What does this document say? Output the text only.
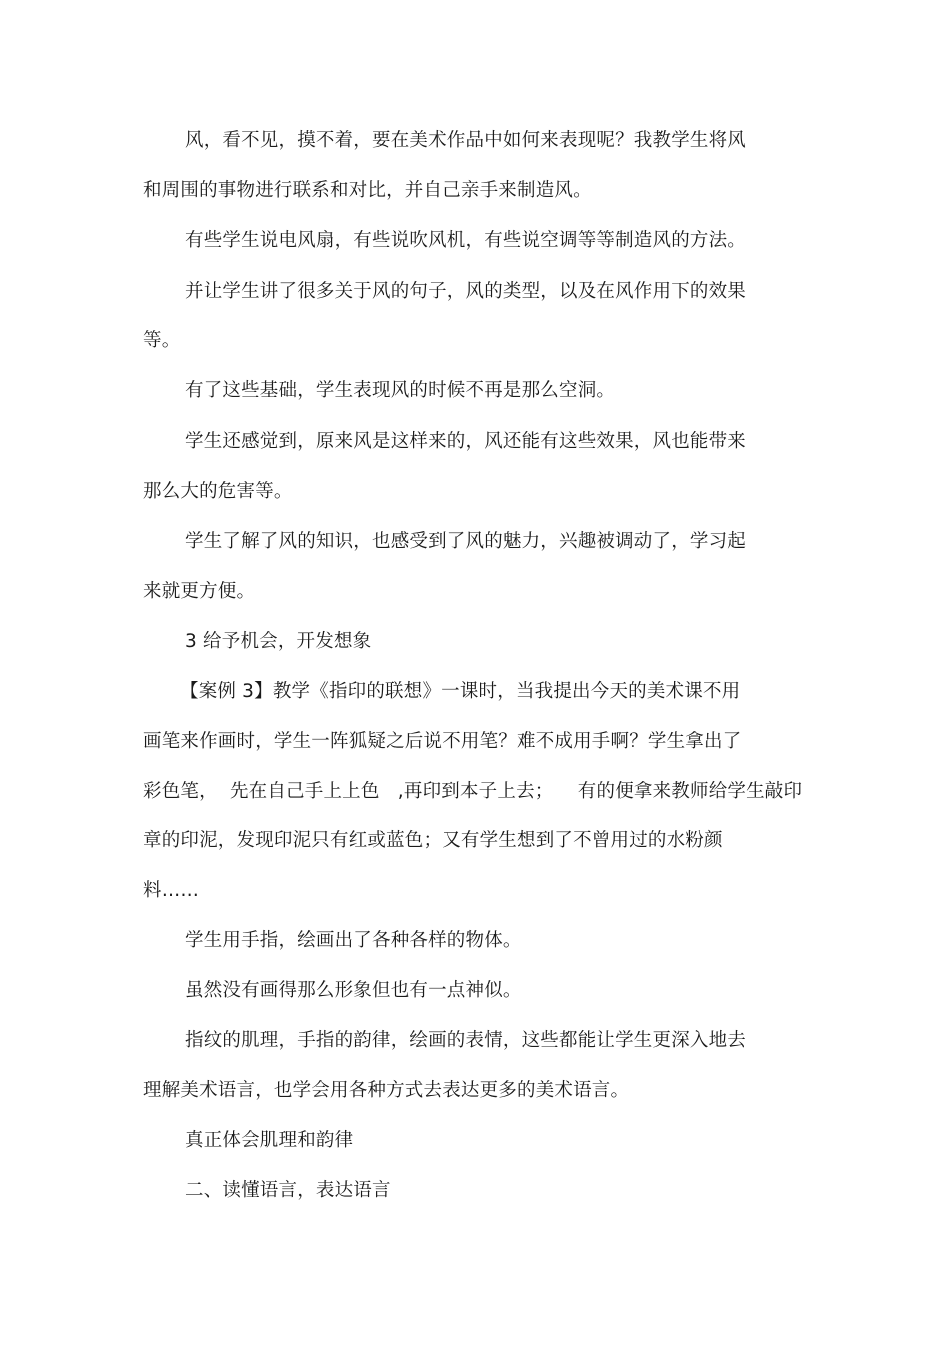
风，看不见，摸不着，要在美术作品中如何来表现呢？我教学生将风

和周围的事物进行联系和对比，并自己亲手来制造风。

有些学生说电风扇，有些说吹风机，有些说空调等等制造风的方法。

并让学生讲了很多关于风的句子，风的类型，以及在风作用下的效果

等。

有了这些基础，学生表现风的时候不再是那么空洞。

学生还感觉到，原来风是这样来的，风还能有这些效果，风也能带来

那么大的危害等。

学生了解了风的知识，也感受到了风的魅力，兴趣被调动了，学习起

来就更方便。

3 给予机会，开发想象

【案例 3】教学《指印的联想》一课时，当我提出今天的美术课不用

画笔来作画时，学生一阵狐疑之后说不用笔？难不成用手啊？学生拿出了

彩色笔，  先在自己手上上色   ,再印到本子上去；    有的便拿来教师给学生敲印

章的印泥，发现印泥只有红或蓝色；又有学生想到了不曾用过的水粉颜

料……

学生用手指，绘画出了各种各样的物体。

虽然没有画得那么形象但也有一点神似。

指纹的肌理，手指的韵律，绘画的表情，这些都能让学生更深入地去

理解美术语言，也学会用各种方式去表达更多的美术语言。

真正体会肌理和韵律

二、读懂语言，表达语言
